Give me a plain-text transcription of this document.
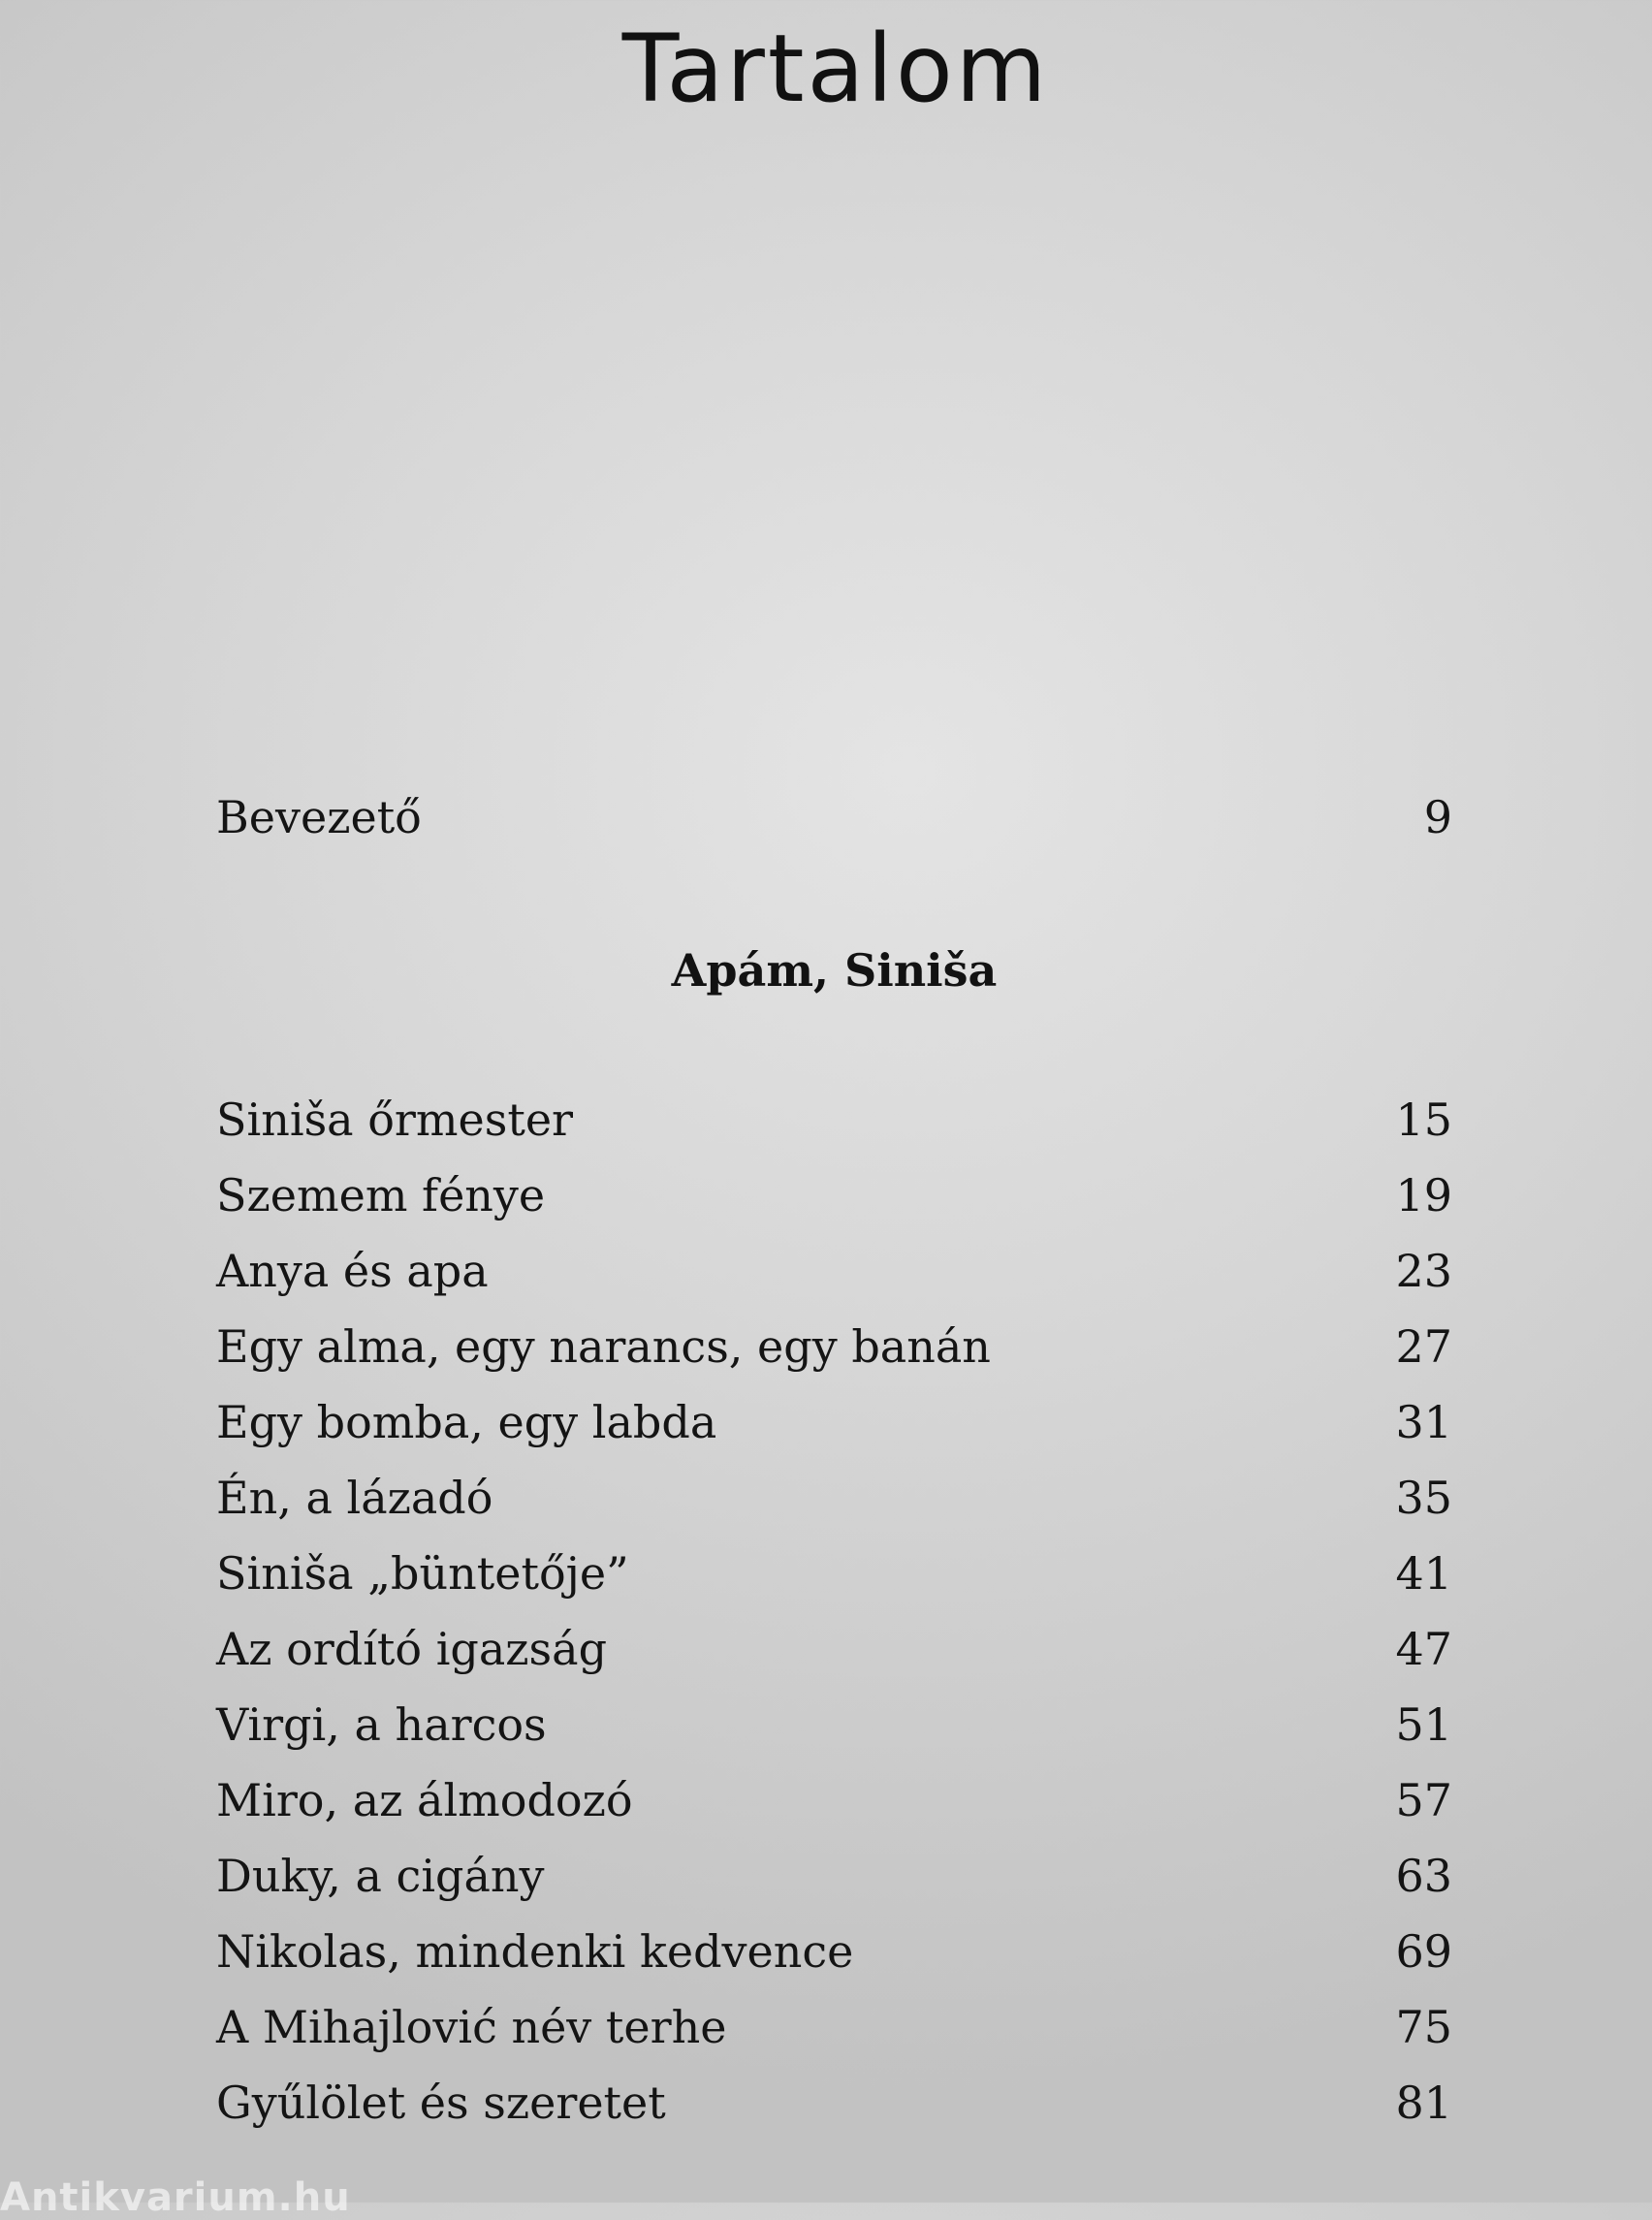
Tartalom
Bevezető	9
Apám, Siniša
Siniša őrmester	15
Szemem fénye	19
Anya és apa	23
Egy alma, egy narancs, egy banán	27
Egy bomba, egy labda	31
Én, a lázadó	35
Siniša „büntetője”	41
Az ordító igazság	47
Virgi, a harcos	51
Miro, az álmodozó	57
Duky, a cigány	63
Nikolas, mindenki kedvence	69
A Mihajlović név terhe	75
Gyűlölet és szeretet	81
Antikvarium.hu
